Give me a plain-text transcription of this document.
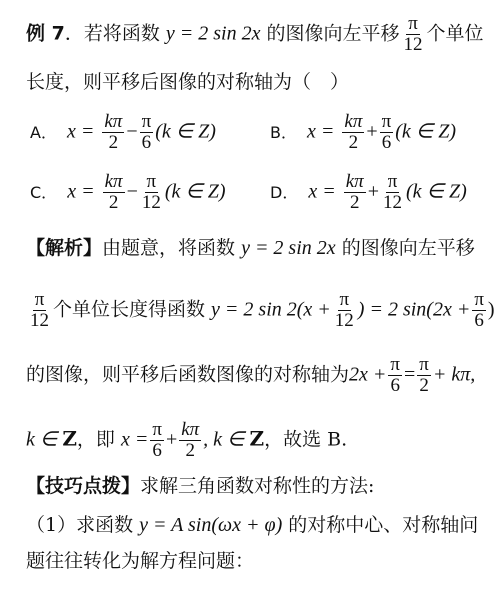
例 7．若将函数 y = 2 sin 2x 的图像向左平移 $\frac{\pi}{12}$ 个单位
长度，则平移后图像的对称轴为（　）
A． $x = \frac{k\pi}{2} - \frac{\pi}{6} (k$ ∈ Z)	B． $x = \frac{k\pi}{2} + \frac{\pi}{6} (k$ ∈ Z)
C． $x = \frac{k\pi}{2} - \frac{\pi}{12} (k$ ∈ Z)	D． $x = \frac{k\pi}{2} + \frac{\pi}{12} (k$ ∈ Z)
【解析】由题意，将函数 y = 2 sin 2x 的图像向左平移
$\frac{\pi}{12}$ 个单位长度得函数 y = 2 $\sin 2(x + \frac{\pi}{12}$ ) = 2 $\sin(2x + \frac{\pi}{6}$ )
的图像，则平移后函数图像的对称轴为$2x + \frac{\pi}{6} = \frac{\pi}{2} + k\pi$,
k ∈ Z，即 $x = \frac{\pi}{6} + \frac{k\pi}{2}$ , k ∈ Z，故选 B.
【技巧点拨】求解三角函数对称性的方法:
（1）求函数 y = A sin(ωx + φ) 的对称中心、对称轴问
题往往转化为解方程问题：
